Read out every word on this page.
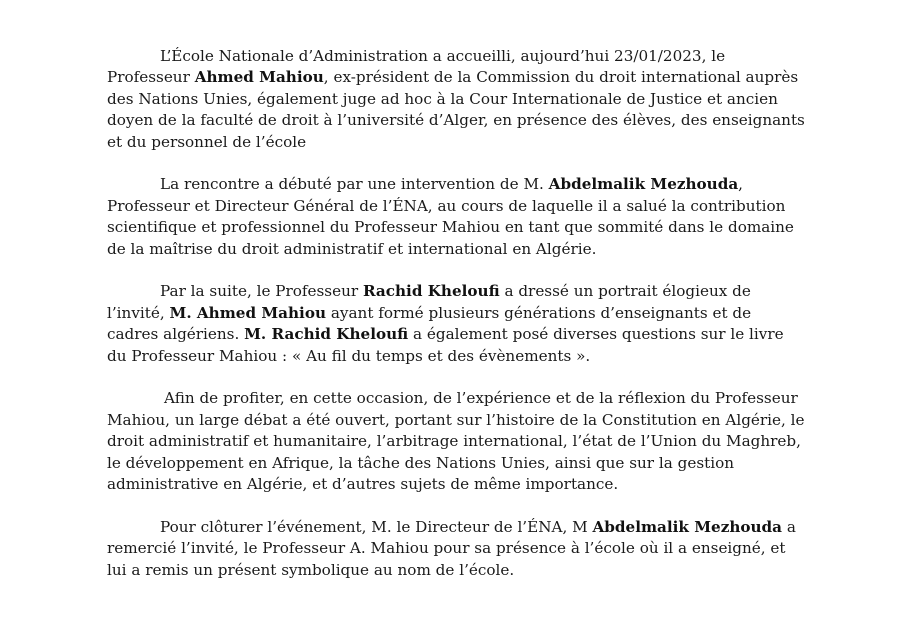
L’École Nationale d’Administration a accueilli, aujourd’hui 23/01/2023, le Professeur Ahmed Mahiou, ex-président de la Commission du droit international auprès des Nations Unies, également juge ad hoc à la Cour Internationale de Justice et ancien doyen de la faculté de droit à l’université d’Alger, en présence des élèves, des enseignants et du personnel de l’école

La rencontre a débuté par une intervention de M. Abdelmalik Mezhouda, Professeur et Directeur Général de l’ÉNA, au cours de laquelle il a salué la contribution scientifique et professionnel du Professeur Mahiou en tant que sommité dans le domaine de la maîtrise du droit administratif et international en Algérie.

Par la suite, le Professeur Rachid Kheloufi a dressé un portrait élogieux de l’invité, M. Ahmed Mahiou ayant formé plusieurs générations d’enseignants et de cadres algériens. M. Rachid Kheloufi a également posé diverses questions sur le livre du Professeur Mahiou : « Au fil du temps et des évènements ».

Afin de profiter, en cette occasion, de l’expérience et de la réflexion du Professeur Mahiou, un large débat a été ouvert, portant sur l’histoire de la Constitution en Algérie, le droit administratif et humanitaire, l’arbitrage international, l’état de l’Union du Maghreb, le développement en Afrique, la tâche des Nations Unies, ainsi que sur la gestion administrative en Algérie, et d’autres sujets de même importance.

Pour clôturer l’événement, M. le Directeur de l’ÉNA, M Abdelmalik Mezhouda a remercié l’invité, le Professeur A. Mahiou pour sa présence à l’école où il a enseigné, et lui a remis un présent symbolique au nom de l’école.
